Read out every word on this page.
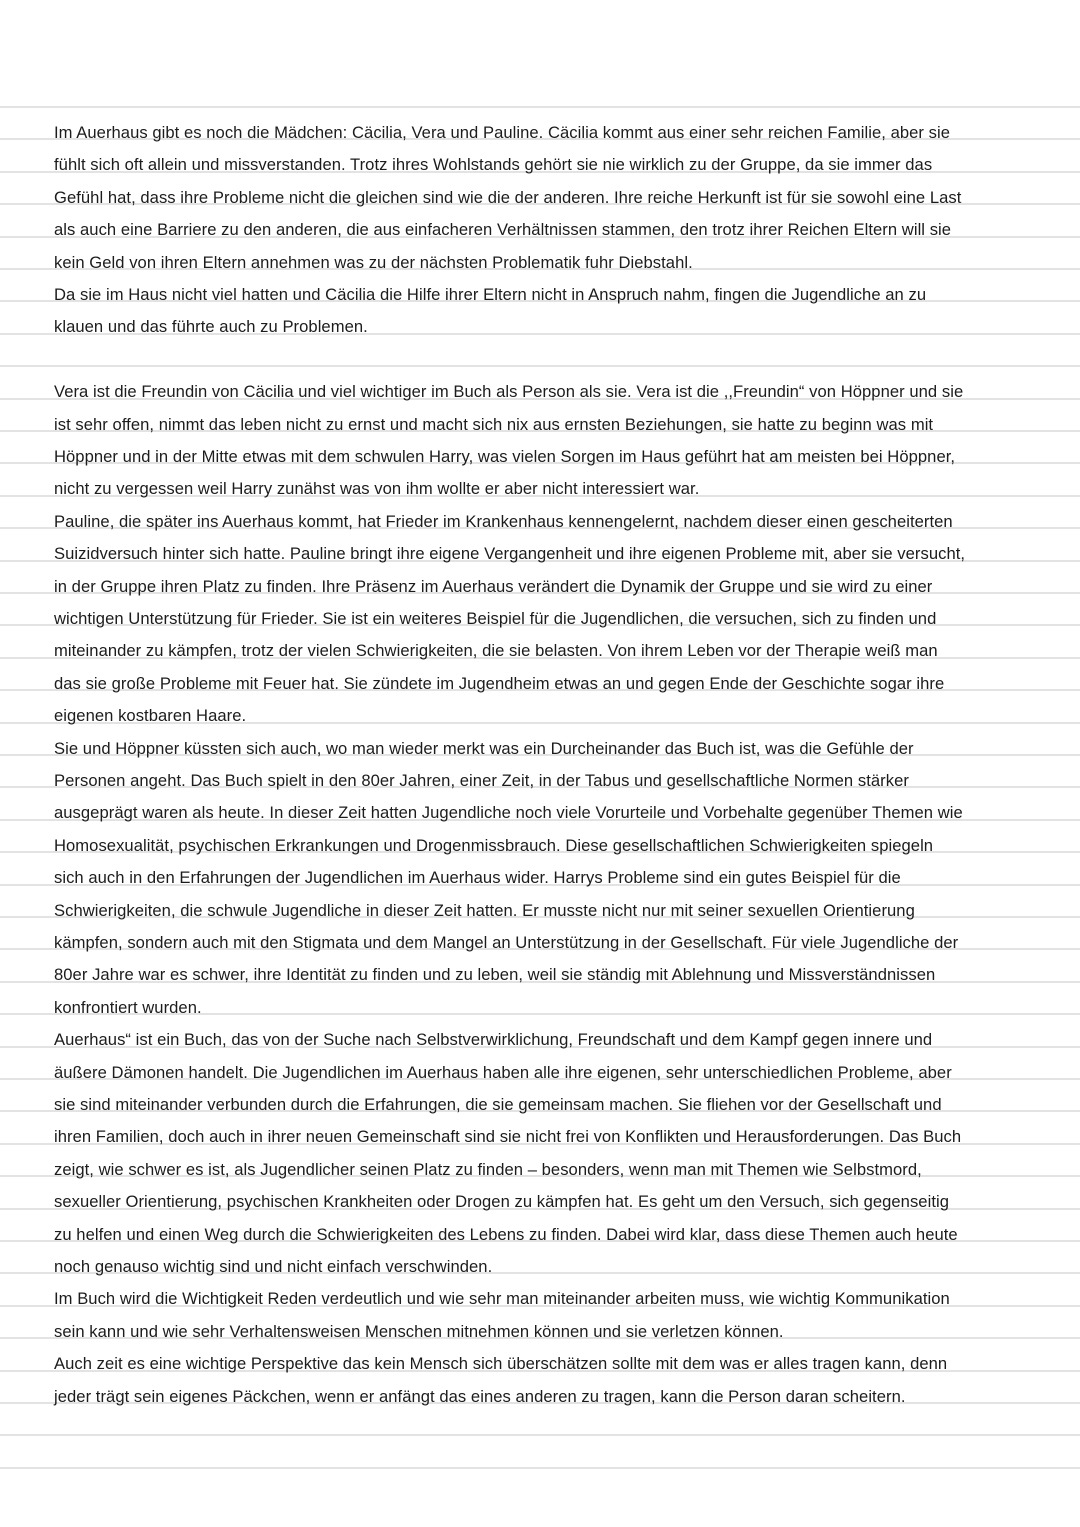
Im Auerhaus gibt es noch die Mädchen: Cäcilia, Vera und Pauline. Cäcilia kommt aus einer sehr reichen Familie, aber sie
fühlt sich oft allein und missverstanden. Trotz ihres Wohlstands gehört sie nie wirklich zu der Gruppe, da sie immer das
Gefühl hat, dass ihre Probleme nicht die gleichen sind wie die der anderen. Ihre reiche Herkunft ist für sie sowohl eine Last
als auch eine Barriere zu den anderen, die aus einfacheren Verhältnissen stammen, den trotz ihrer Reichen Eltern will sie
kein Geld von ihren Eltern annehmen was zu der nächsten Problematik fuhr Diebstahl.
Da sie im Haus nicht viel hatten und Cäcilia die Hilfe ihrer Eltern nicht in Anspruch nahm, fingen die Jugendliche an zu
klauen und das führte auch zu Problemen.
Vera ist die Freundin von Cäcilia und viel wichtiger im Buch als Person als sie. Vera ist die ,,Freundin“ von Höppner und sie
ist sehr offen, nimmt das leben nicht zu ernst und macht sich nix aus ernsten Beziehungen, sie hatte zu beginn was mit
Höppner und in der Mitte etwas mit dem schwulen Harry, was vielen Sorgen im Haus geführt hat am meisten bei Höppner,
nicht zu vergessen weil Harry zunähst was von ihm wollte er aber nicht interessiert war.
Pauline, die später ins Auerhaus kommt, hat Frieder im Krankenhaus kennengelernt, nachdem dieser einen gescheiterten
Suizidversuch hinter sich hatte. Pauline bringt ihre eigene Vergangenheit und ihre eigenen Probleme mit, aber sie versucht,
in der Gruppe ihren Platz zu finden. Ihre Präsenz im Auerhaus verändert die Dynamik der Gruppe und sie wird zu einer
wichtigen Unterstützung für Frieder. Sie ist ein weiteres Beispiel für die Jugendlichen, die versuchen, sich zu finden und
miteinander zu kämpfen, trotz der vielen Schwierigkeiten, die sie belasten. Von ihrem Leben vor der Therapie weiß man
das sie große Probleme mit Feuer hat. Sie zündete im Jugendheim etwas an und gegen Ende der Geschichte sogar ihre
eigenen kostbaren Haare.
Sie und Höppner küssten sich auch, wo man wieder merkt was ein Durcheinander das Buch ist, was die Gefühle der
Personen angeht. Das Buch spielt in den 80er Jahren, einer Zeit, in der Tabus und gesellschaftliche Normen stärker
ausgeprägt waren als heute. In dieser Zeit hatten Jugendliche noch viele Vorurteile und Vorbehalte gegenüber Themen wie
Homosexualität, psychischen Erkrankungen und Drogenmissbrauch. Diese gesellschaftlichen Schwierigkeiten spiegeln
sich auch in den Erfahrungen der Jugendlichen im Auerhaus wider. Harrys Probleme sind ein gutes Beispiel für die
Schwierigkeiten, die schwule Jugendliche in dieser Zeit hatten. Er musste nicht nur mit seiner sexuellen Orientierung
kämpfen, sondern auch mit den Stigmata und dem Mangel an Unterstützung in der Gesellschaft. Für viele Jugendliche der
80er Jahre war es schwer, ihre Identität zu finden und zu leben, weil sie ständig mit Ablehnung und Missverständnissen
konfrontiert wurden.
Auerhaus“ ist ein Buch, das von der Suche nach Selbstverwirklichung, Freundschaft und dem Kampf gegen innere und
äußere Dämonen handelt. Die Jugendlichen im Auerhaus haben alle ihre eigenen, sehr unterschiedlichen Probleme, aber
sie sind miteinander verbunden durch die Erfahrungen, die sie gemeinsam machen. Sie fliehen vor der Gesellschaft und
ihren Familien, doch auch in ihrer neuen Gemeinschaft sind sie nicht frei von Konflikten und Herausforderungen. Das Buch
zeigt, wie schwer es ist, als Jugendlicher seinen Platz zu finden – besonders, wenn man mit Themen wie Selbstmord,
sexueller Orientierung, psychischen Krankheiten oder Drogen zu kämpfen hat. Es geht um den Versuch, sich gegenseitig
zu helfen und einen Weg durch die Schwierigkeiten des Lebens zu finden. Dabei wird klar, dass diese Themen auch heute
noch genauso wichtig sind und nicht einfach verschwinden.
Im Buch wird die Wichtigkeit Reden verdeutlich und wie sehr man miteinander arbeiten muss, wie wichtig Kommunikation
sein kann und wie sehr Verhaltensweisen Menschen mitnehmen können und sie verletzen können.
Auch zeit es eine wichtige Perspektive das kein Mensch sich überschätzen sollte mit dem was er alles tragen kann, denn
jeder trägt sein eigenes Päckchen, wenn er anfängt das eines anderen zu tragen, kann die Person daran scheitern.
